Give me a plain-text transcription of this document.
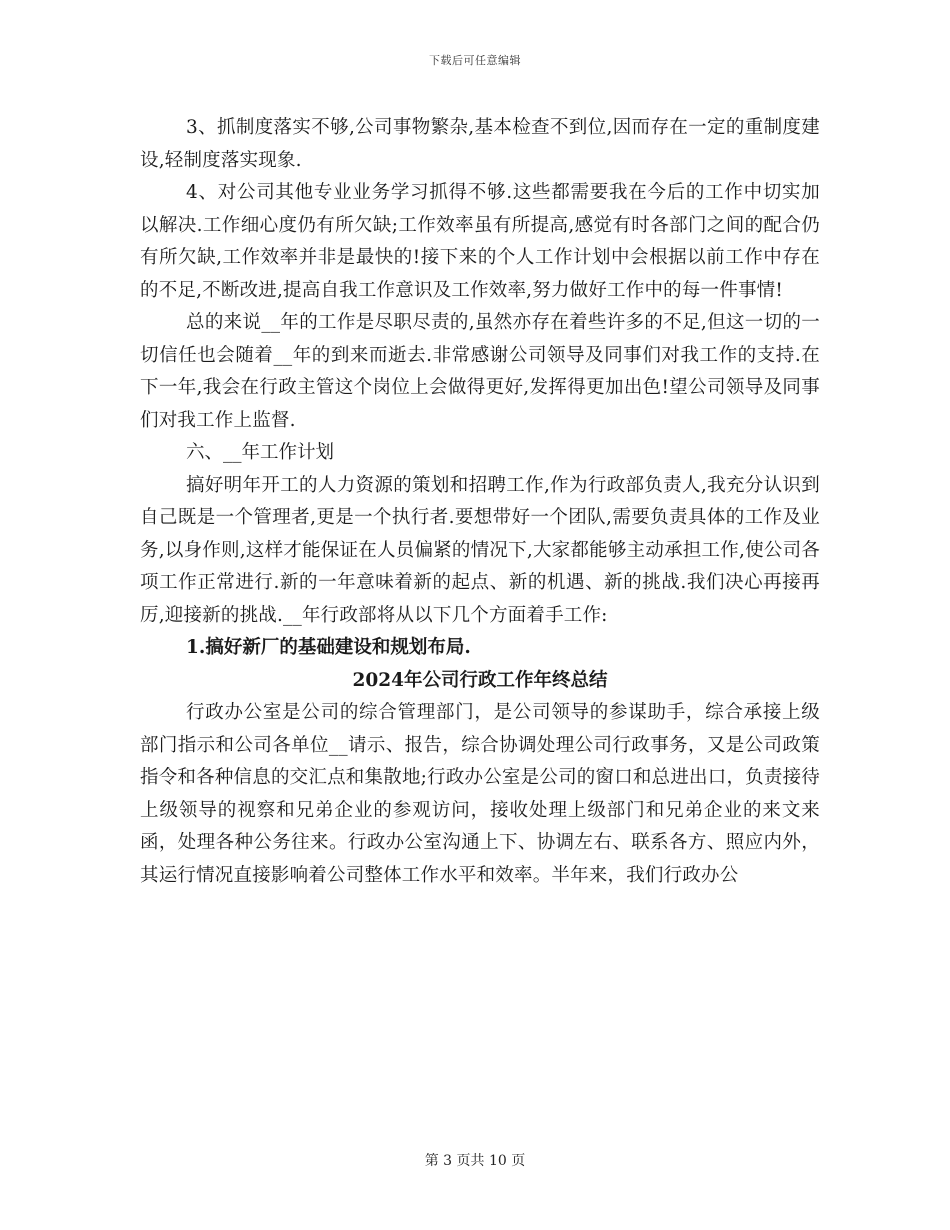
下载后可任意编辑

3、抓制度落实不够,公司事物繁杂,基本检查不到位,因而存在一定的重制度建设,轻制度落实现象.

4、对公司其他专业业务学习抓得不够.这些都需要我在今后的工作中切实加以解决.工作细心度仍有所欠缺;工作效率虽有所提高,感觉有时各部门之间的配合仍有所欠缺,工作效率并非是最快的!接下来的个人工作计划中会根据以前工作中存在的不足,不断改进,提高自我工作意识及工作效率,努力做好工作中的每一件事情!

总的来说__年的工作是尽职尽责的,虽然亦存在着些许多的不足,但这一切的一切信任也会随着__年的到来而逝去.非常感谢公司领导及同事们对我工作的支持.在下一年,我会在行政主管这个岗位上会做得更好,发挥得更加出色!望公司领导及同事们对我工作上监督.

六、__年工作计划

搞好明年开工的人力资源的策划和招聘工作,作为行政部负责人,我充分认识到自己既是一个管理者,更是一个执行者.要想带好一个团队,需要负责具体的工作及业务,以身作则,这样才能保证在人员偏紧的情况下,大家都能够主动承担工作,使公司各项工作正常进行.新的一年意味着新的起点、新的机遇、新的挑战.我们决心再接再厉,迎接新的挑战.__年行政部将从以下几个方面着手工作:

1.搞好新厂的基础建设和规划布局.

2024年公司行政工作年终总结

行政办公室是公司的综合管理部门，是公司领导的参谋助手，综合承接上级部门指示和公司各单位__请示、报告，综合协调处理公司行政事务，又是公司政策指令和各种信息的交汇点和集散地;行政办公室是公司的窗口和总进出口，负责接待上级领导的视察和兄弟企业的参观访问，接收处理上级部门和兄弟企业的来文来函，处理各种公务往来。行政办公室沟通上下、协调左右、联系各方、照应内外，其运行情况直接影响着公司整体工作水平和效率。半年来，我们行政办公

第 3 页共 10 页
